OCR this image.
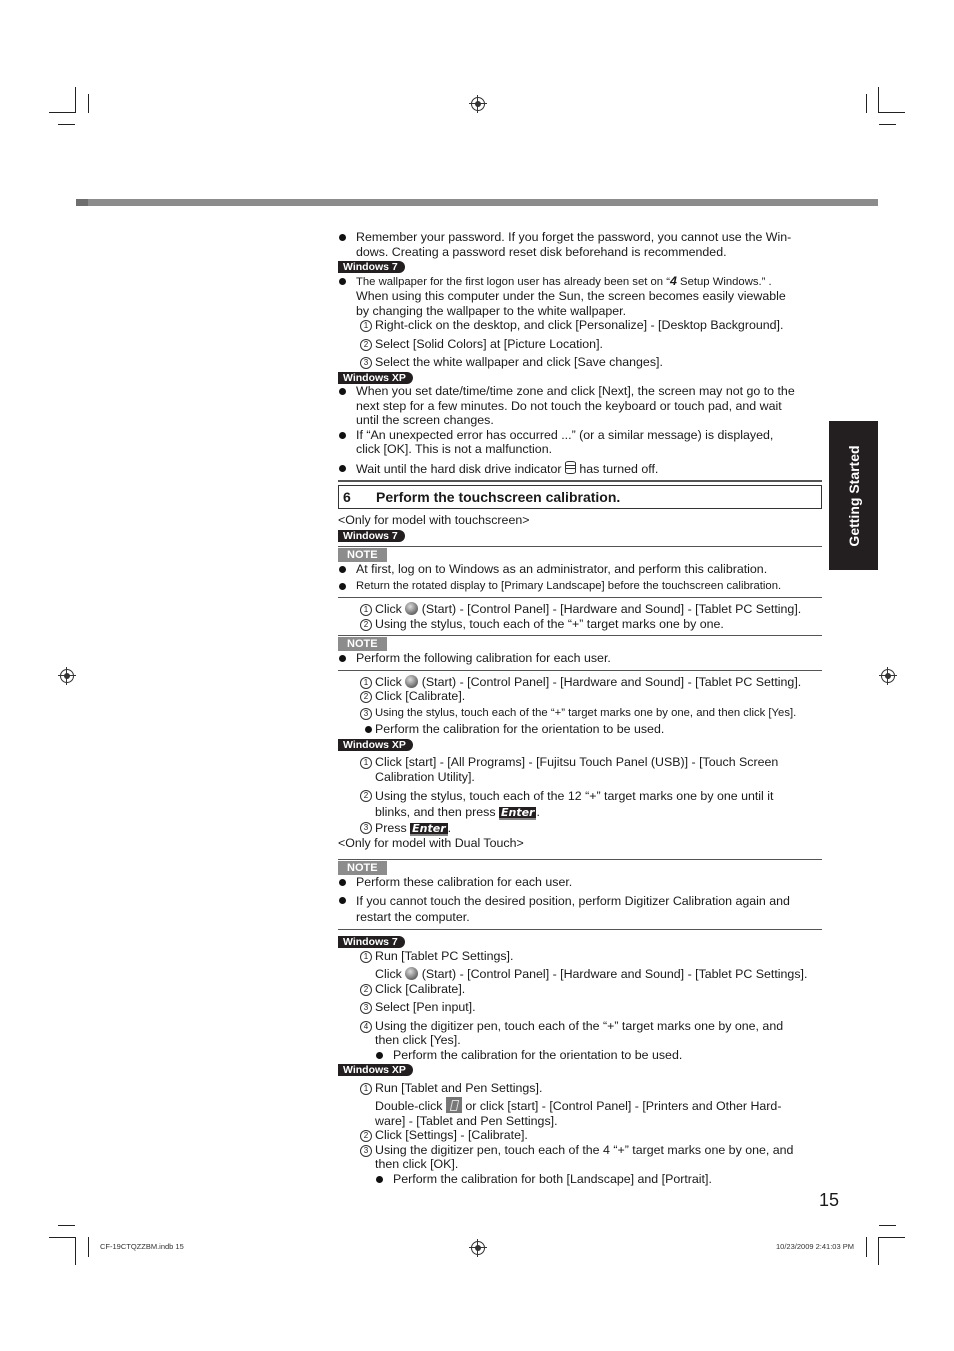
Getting Started

Remember your password. If you forget the password, you cannot use the Win-
dows. Creating a password reset disk beforehand is recommended.

Windows 7

The wallpaper for the first logon user has already been set on “4 Setup Windows.” .
When using this computer under the Sun, the screen becomes easily viewable
by changing the wallpaper to the white wallpaper.

1 Right-click on the desktop, and click [Personalize] - [Desktop Background].

2 Select [Solid Colors] at [Picture Location].

3 Select the white wallpaper and click [Save changes].

Windows XP

When you set date/time/time zone and click [Next], the screen may not go to the
next step for a few minutes. Do not touch the keyboard or touch pad, and wait
until the screen changes.

If “An unexpected error has occurred ...” (or a similar message) is displayed,
click [OK]. This is not a malfunction.

Wait until the hard disk drive indicator  has turned off.

6 Perform the touchscreen calibration.

<Only for model with touchscreen>

Windows 7
NOTE

At first, log on to Windows as an administrator, and perform this calibration.

Return the rotated display to [Primary Landscape] before the touchscreen calibration.

1 Click  (Start) - [Control Panel] - [Hardware and Sound] - [Tablet PC Setting].

2 Using the stylus, touch each of the “+” target marks one by one.

NOTE

Perform the following calibration for each user.

1 Click  (Start) - [Control Panel] - [Hardware and Sound] - [Tablet PC Setting].

2 Click [Calibrate].

3 Using the stylus, touch each of the “+” target marks one by one, and then click [Yes].

Perform the calibration for the orientation to be used.

Windows XP

1 Click [start] - [All Programs] - [Fujitsu Touch Panel (USB)] - [Touch Screen
Calibration Utility].

2 Using the stylus, touch each of the 12 “+” target marks one by one until it
blinks, and then press Enter .

3 Press Enter .

<Only for model with Dual Touch>

NOTE

Perform these calibration for each user.

If you cannot touch the desired position, perform Digitizer Calibration again and
restart the computer.

Windows 7

1 Run [Tablet PC Settings].

Click  (Start) - [Control Panel] - [Hardware and Sound] - [Tablet PC Settings].

2 Click [Calibrate].

3 Select [Pen input].

4 Using the digitizer pen, touch each of the “+” target marks one by one, and
then click [Yes].

Perform the calibration for the orientation to be used.

Windows XP

1 Run [Tablet and Pen Settings].

Double-click  or click [start] - [Control Panel] - [Printers and Other Hard-
ware] - [Tablet and Pen Settings].

2 Click [Settings] - [Calibrate].

3 Using the digitizer pen, touch each of the 4 “+” target marks one by one, and
then click [OK].

Perform the calibration for both [Landscape] and [Portrait].

15
CF-19CTQZZBM.indb 15	10/23/2009 2:41:03 PM
